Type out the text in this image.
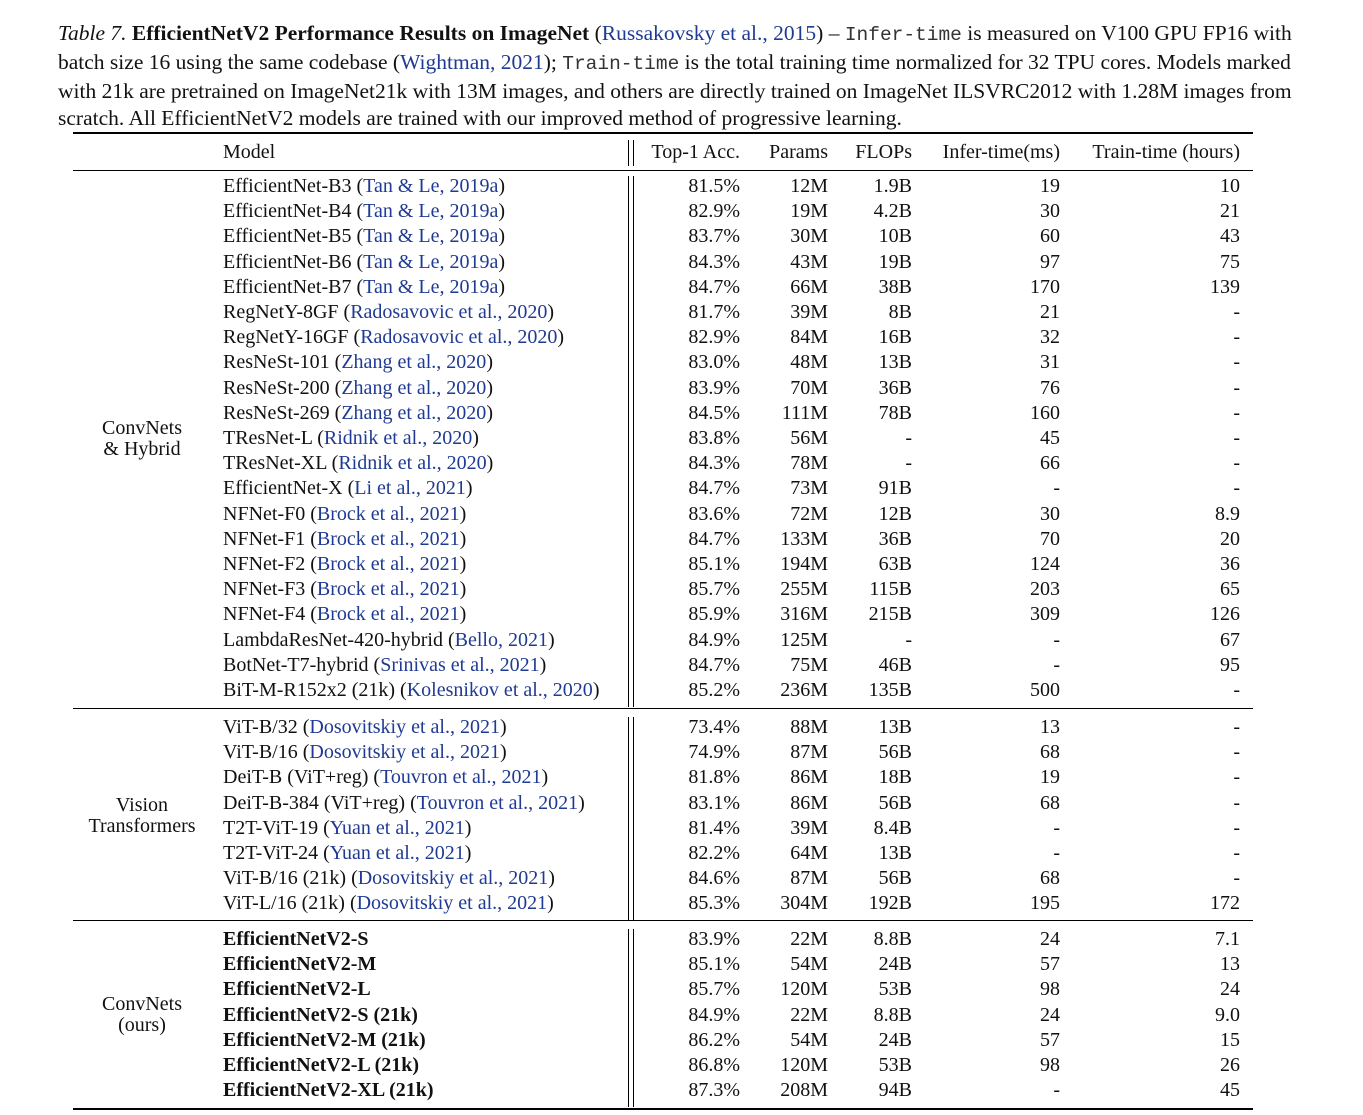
Table 7. EfficientNetV2 Performance Results on ImageNet (Russakovsky et al., 2015) – Infer-time is measured on V100 GPU FP16 with batch size 16 using the same codebase (Wightman, 2021); Train-time is the total training time normalized for 32 TPU cores. Models marked with 21k are pretrained on ImageNet21k with 13M images, and others are directly trained on ImageNet ILSVRC2012 with 1.28M images from scratch. All EfficientNetV2 models are trained with our improved method of progressive learning.
Model	Top-1 Acc.	Params	FLOPs	Infer-time(ms)	Train-time (hours)
ConvNets
& Hybrid
EfficientNet-B3 (Tan & Le, 2019a)	81.5%	12M	1.9B	19	10
EfficientNet-B4 (Tan & Le, 2019a)	82.9%	19M	4.2B	30	21
EfficientNet-B5 (Tan & Le, 2019a)	83.7%	30M	10B	60	43
EfficientNet-B6 (Tan & Le, 2019a)	84.3%	43M	19B	97	75
EfficientNet-B7 (Tan & Le, 2019a)	84.7%	66M	38B	170	139
RegNetY-8GF (Radosavovic et al., 2020)	81.7%	39M	8B	21	-
RegNetY-16GF (Radosavovic et al., 2020)	82.9%	84M	16B	32	-
ResNeSt-101 (Zhang et al., 2020)	83.0%	48M	13B	31	-
ResNeSt-200 (Zhang et al., 2020)	83.9%	70M	36B	76	-
ResNeSt-269 (Zhang et al., 2020)	84.5%	111M	78B	160	-
TResNet-L (Ridnik et al., 2020)	83.8%	56M	-	45	-
TResNet-XL (Ridnik et al., 2020)	84.3%	78M	-	66	-
EfficientNet-X (Li et al., 2021)	84.7%	73M	91B	-	-
NFNet-F0 (Brock et al., 2021)	83.6%	72M	12B	30	8.9
NFNet-F1 (Brock et al., 2021)	84.7%	133M	36B	70	20
NFNet-F2 (Brock et al., 2021)	85.1%	194M	63B	124	36
NFNet-F3 (Brock et al., 2021)	85.7%	255M	115B	203	65
NFNet-F4 (Brock et al., 2021)	85.9%	316M	215B	309	126
LambdaResNet-420-hybrid (Bello, 2021)	84.9%	125M	-	-	67
BotNet-T7-hybrid (Srinivas et al., 2021)	84.7%	75M	46B	-	95
BiT-M-R152x2 (21k) (Kolesnikov et al., 2020)	85.2%	236M	135B	500	-
Vision
Transformers
ViT-B/32 (Dosovitskiy et al., 2021)	73.4%	88M	13B	13	-
ViT-B/16 (Dosovitskiy et al., 2021)	74.9%	87M	56B	68	-
DeiT-B (ViT+reg) (Touvron et al., 2021)	81.8%	86M	18B	19	-
DeiT-B-384 (ViT+reg) (Touvron et al., 2021)	83.1%	86M	56B	68	-
T2T-ViT-19 (Yuan et al., 2021)	81.4%	39M	8.4B	-	-
T2T-ViT-24 (Yuan et al., 2021)	82.2%	64M	13B	-	-
ViT-B/16 (21k) (Dosovitskiy et al., 2021)	84.6%	87M	56B	68	-
ViT-L/16 (21k) (Dosovitskiy et al., 2021)	85.3%	304M	192B	195	172
ConvNets
(ours)
EfficientNetV2-S	83.9%	22M	8.8B	24	7.1
EfficientNetV2-M	85.1%	54M	24B	57	13
EfficientNetV2-L	85.7%	120M	53B	98	24
EfficientNetV2-S (21k)	84.9%	22M	8.8B	24	9.0
EfficientNetV2-M (21k)	86.2%	54M	24B	57	15
EfficientNetV2-L (21k)	86.8%	120M	53B	98	26
EfficientNetV2-XL (21k)	87.3%	208M	94B	-	45
